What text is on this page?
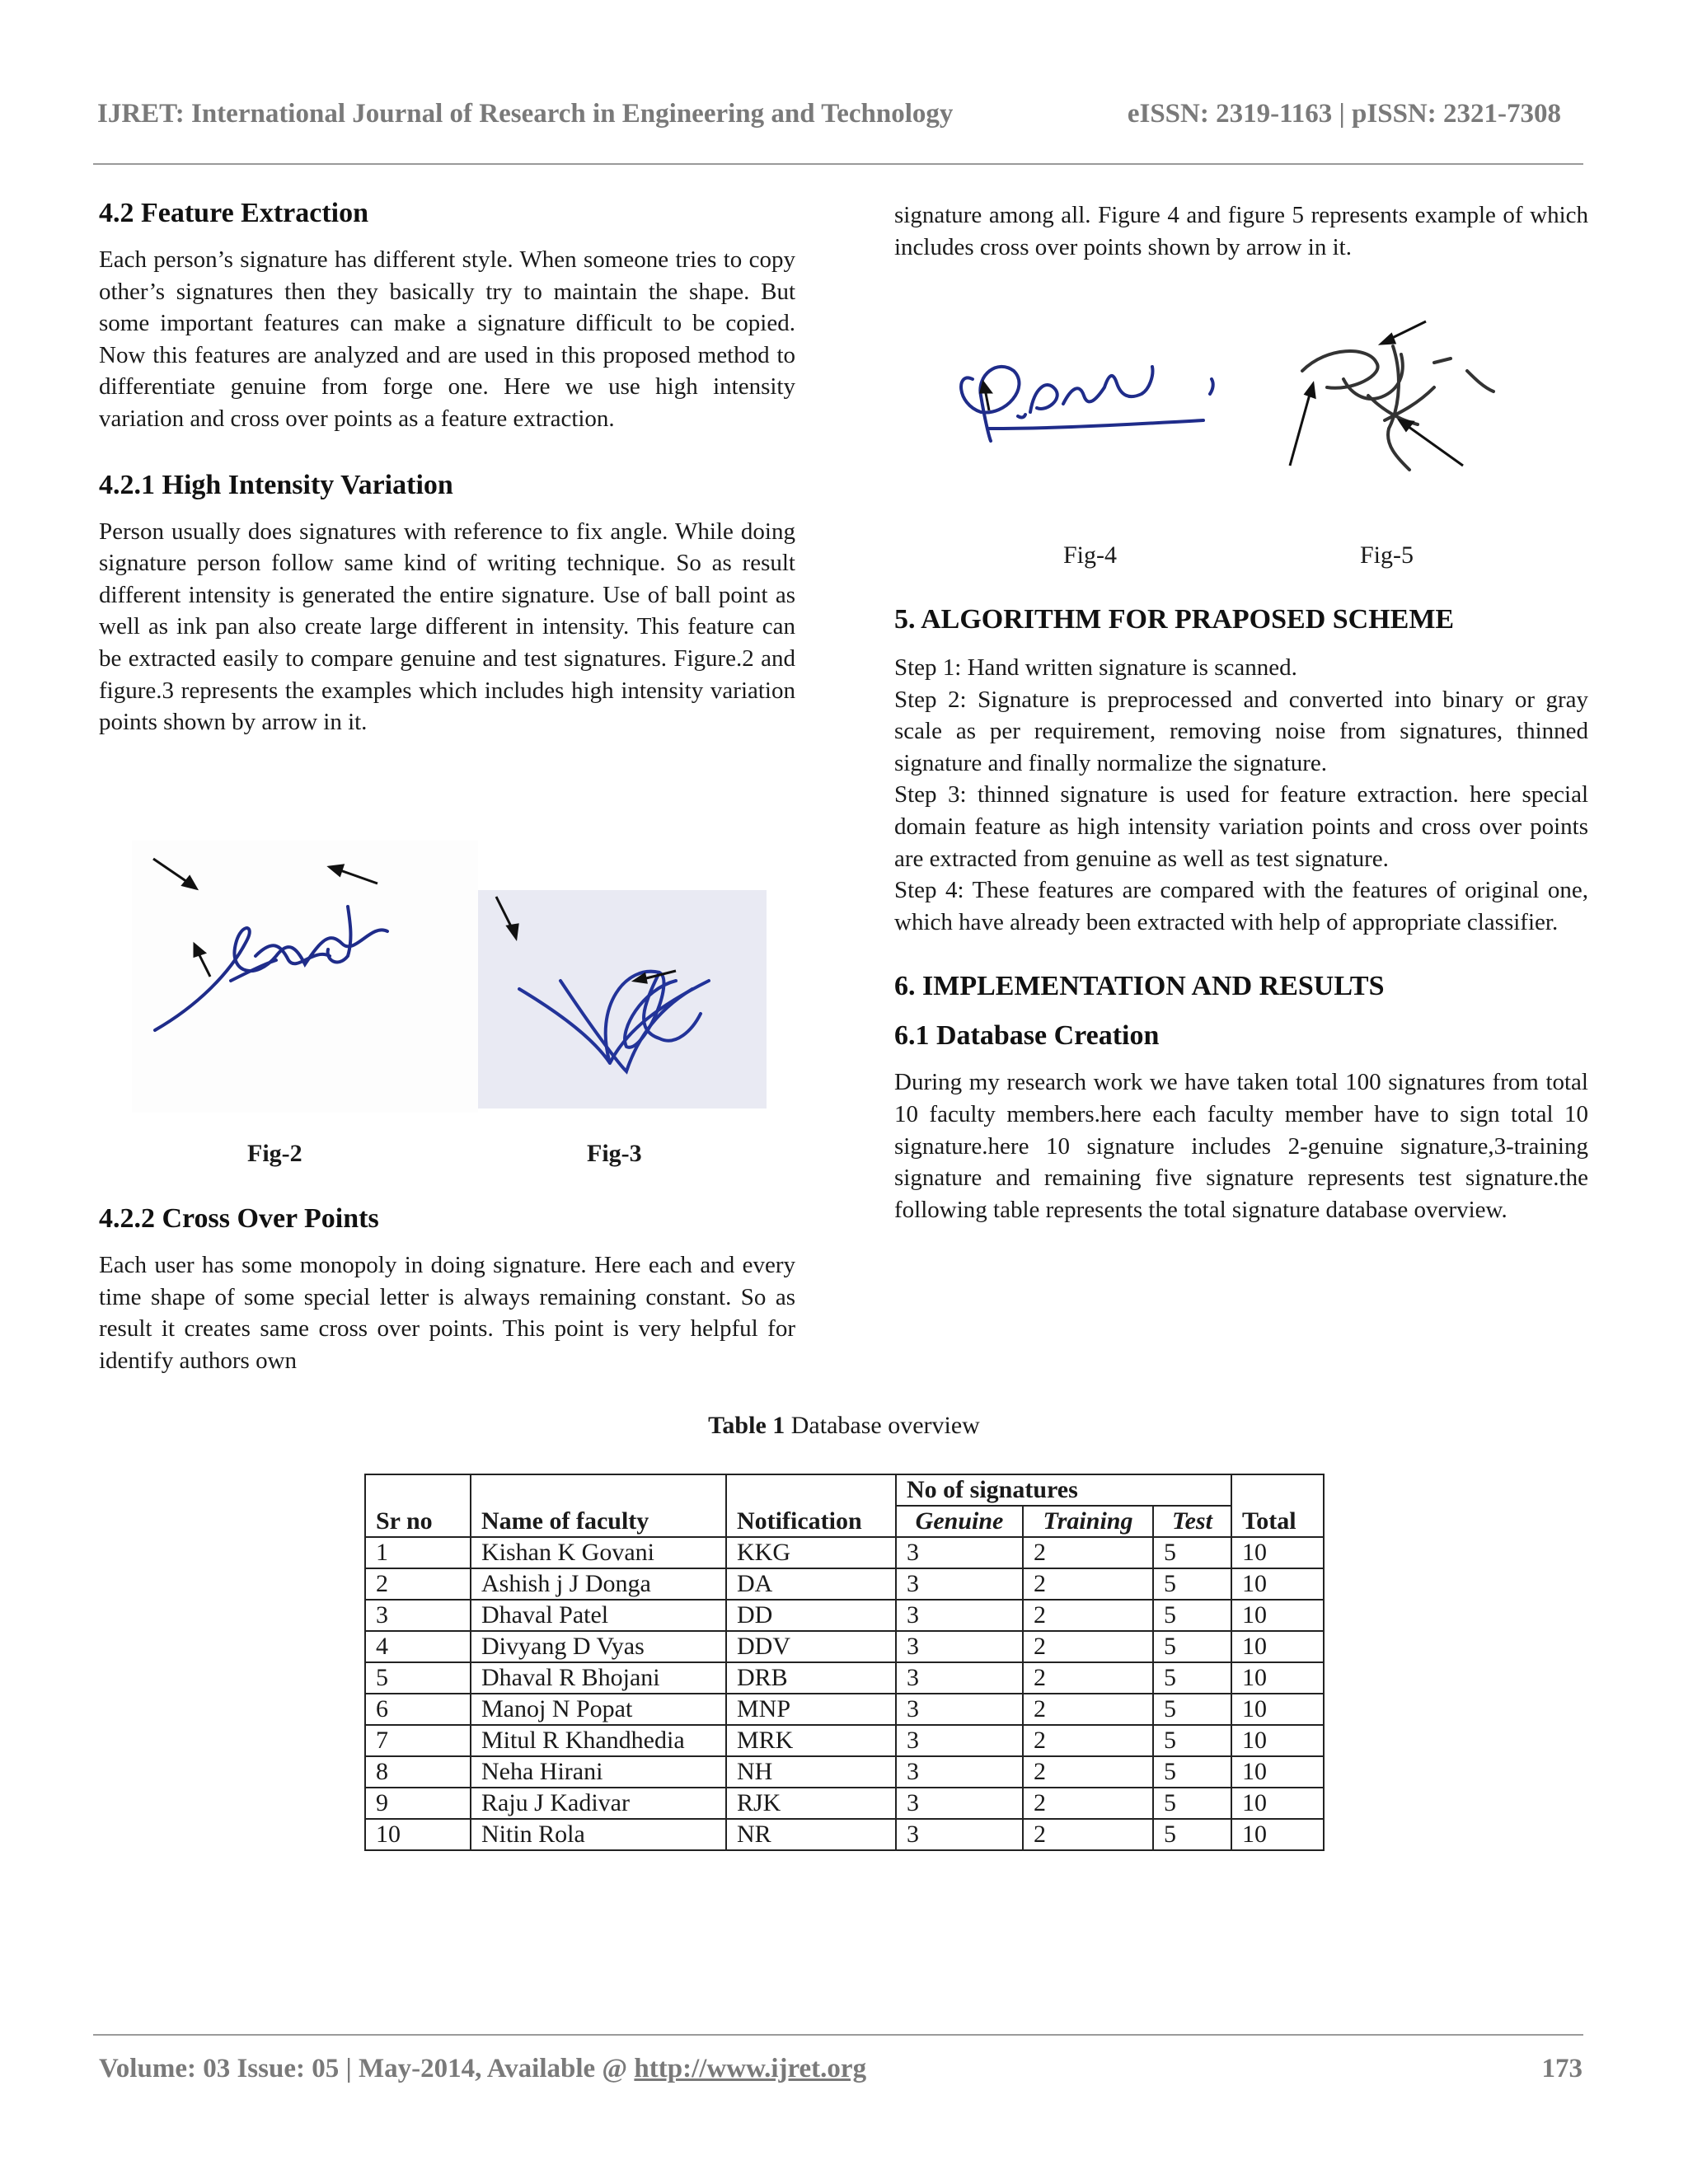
IJRET: International Journal of Research in Engineering and Technology	eISSN: 2319-1163 | pISSN: 2321-7308
4.2 Feature Extraction

Each person’s signature has different style. When someone tries to copy other’s signatures then they basically try to maintain the shape. But some important features can make a signature difficult to be copied. Now this features are analyzed and are used in this proposed method to differentiate genuine from forge one. Here we use high intensity variation and cross over points as a feature extraction.

4.2.1 High Intensity Variation

Person usually does signatures with reference to fix angle. While doing signature person follow same kind of writing technique. So as result different intensity is generated the entire signature. Use of ball point as well as ink pan also create large different in intensity. This feature can be extracted easily to compare genuine and test signatures. Figure.2 and figure.3 represents the examples which includes high intensity variation points shown by arrow in it.

Fig-2	Fig-3
4.2.2 Cross Over Points

Each user has some monopoly in doing signature. Here each and every time shape of some special letter is always remaining constant. So as result it creates same cross over points. This point is very helpful for identify authors own

signature among all. Figure 4 and figure 5 represents example of which includes cross over points shown by arrow in it.

Fig-4	Fig-5
5. ALGORITHM FOR PRAPOSED SCHEME

Step 1: Hand written signature is scanned.

Step 2: Signature is preprocessed and converted into binary or gray scale as per requirement, removing noise from signatures, thinned signature and finally normalize the signature.

Step 3: thinned signature is used for feature extraction. here special domain feature as high intensity variation points and cross over points are extracted from genuine as well as test signature.

Step 4: These features are compared with the features of original one, which have already been extracted with help of appropriate classifier.

6. IMPLEMENTATION AND RESULTS
6.1 Database Creation

During my research work we have taken total 100 signatures from total 10 faculty members.here each faculty member have to sign total 10 signature.here 10 signature includes 2-genuine signature,3-training signature and remaining five signature represents test signature.the following table represents the total signature database overview.

Table 1 Database overview
Sr no	Name of faculty	Notification	No of signatures			Total
			Genuine	Training	Test	
1	Kishan K Govani	KKG	3	2	5	10
2	Ashish j J Donga	DA	3	2	5	10
3	Dhaval Patel	DD	3	2	5	10
4	Divyang D Vyas	DDV	3	2	5	10
5	Dhaval R Bhojani	DRB	3	2	5	10
6	Manoj N Popat	MNP	3	2	5	10
7	Mitul R Khandhedia	MRK	3	2	5	10
8	Neha Hirani	NH	3	2	5	10
9	Raju J Kadivar	RJK	3	2	5	10
10	Nitin Rola	NR	3	2	5	10
Volume: 03 Issue: 05 | May-2014, Available @ http://www.ijret.org	173
